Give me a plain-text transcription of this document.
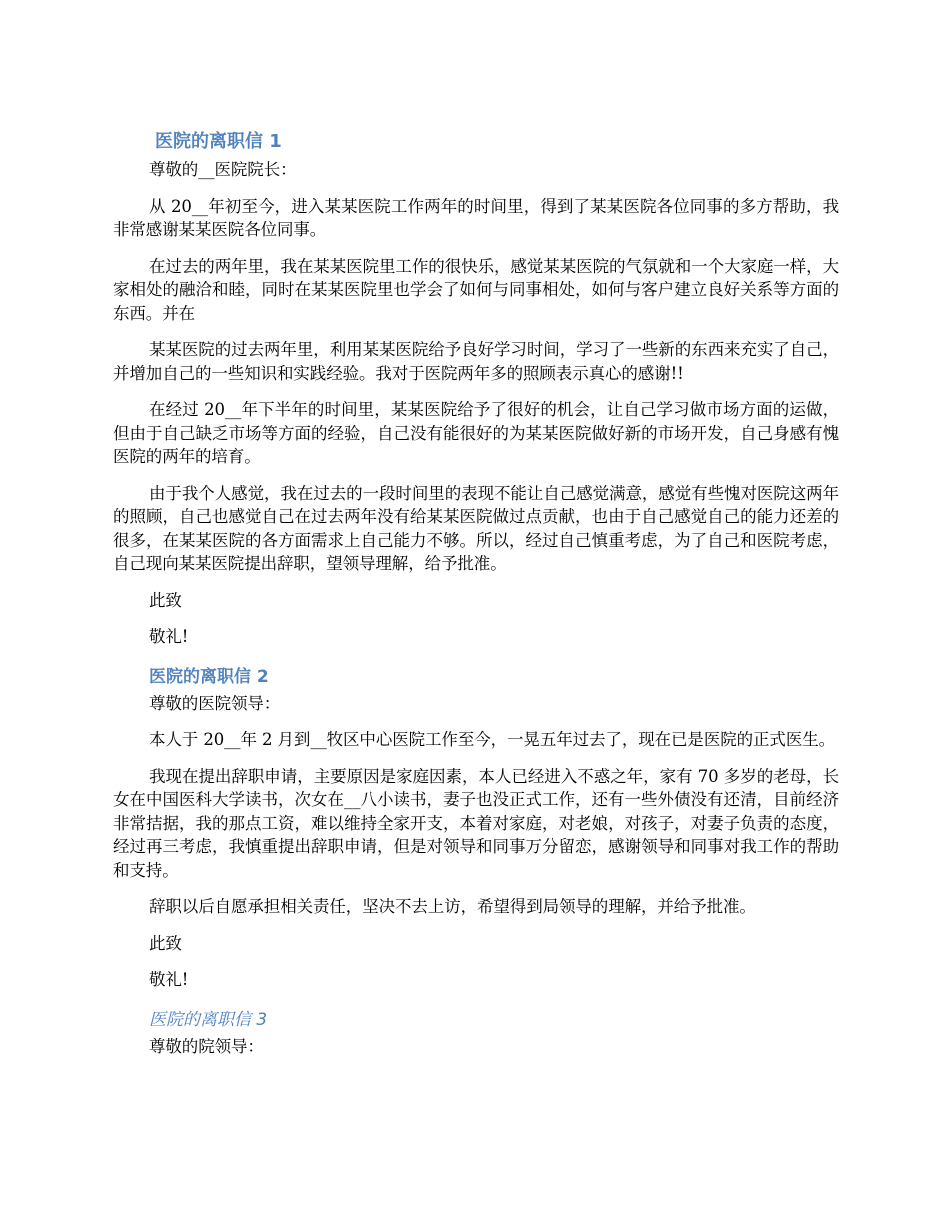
医院的离职信 1

尊敬的__医院院长：

从 20__年初至今，进入某某医院工作两年的时间里，得到了某某医院各位同事的多方帮助，我非常感谢某某医院各位同事。

在过去的两年里，我在某某医院里工作的很快乐，感觉某某医院的气氛就和一个大家庭一样，大家相处的融洽和睦，同时在某某医院里也学会了如何与同事相处，如何与客户建立良好关系等方面的东西。并在

某某医院的过去两年里，利用某某医院给予良好学习时间，学习了一些新的东西来充实了自己，并增加自己的一些知识和实践经验。我对于医院两年多的照顾表示真心的感谢!!

在经过 20__年下半年的时间里，某某医院给予了很好的机会，让自己学习做市场方面的运做，但由于自己缺乏市场等方面的经验，自己没有能很好的为某某医院做好新的市场开发，自己身感有愧医院的两年的培育。

由于我个人感觉，我在过去的一段时间里的表现不能让自己感觉满意，感觉有些愧对医院这两年的照顾，自己也感觉自己在过去两年没有给某某医院做过点贡献，也由于自己感觉自己的能力还差的很多，在某某医院的各方面需求上自己能力不够。所以，经过自己慎重考虑，为了自己和医院考虑，自己现向某某医院提出辞职，望领导理解，给予批准。

此致

敬礼!

医院的离职信 2

尊敬的医院领导：

本人于 20__年 2 月到__牧区中心医院工作至今，一晃五年过去了，现在已是医院的正式医生。

我现在提出辞职申请，主要原因是家庭因素，本人已经进入不惑之年，家有 70 多岁的老母，长女在中国医科大学读书，次女在__八小读书，妻子也没正式工作，还有一些外债没有还清，目前经济非常拮据，我的那点工资，难以维持全家开支，本着对家庭，对老娘，对孩子，对妻子负责的态度，经过再三考虑，我慎重提出辞职申请，但是对领导和同事万分留恋，感谢领导和同事对我工作的帮助和支持。

辞职以后自愿承担相关责任，坚决不去上访，希望得到局领导的理解，并给予批准。

此致

敬礼!

医院的离职信 3

尊敬的院领导：
